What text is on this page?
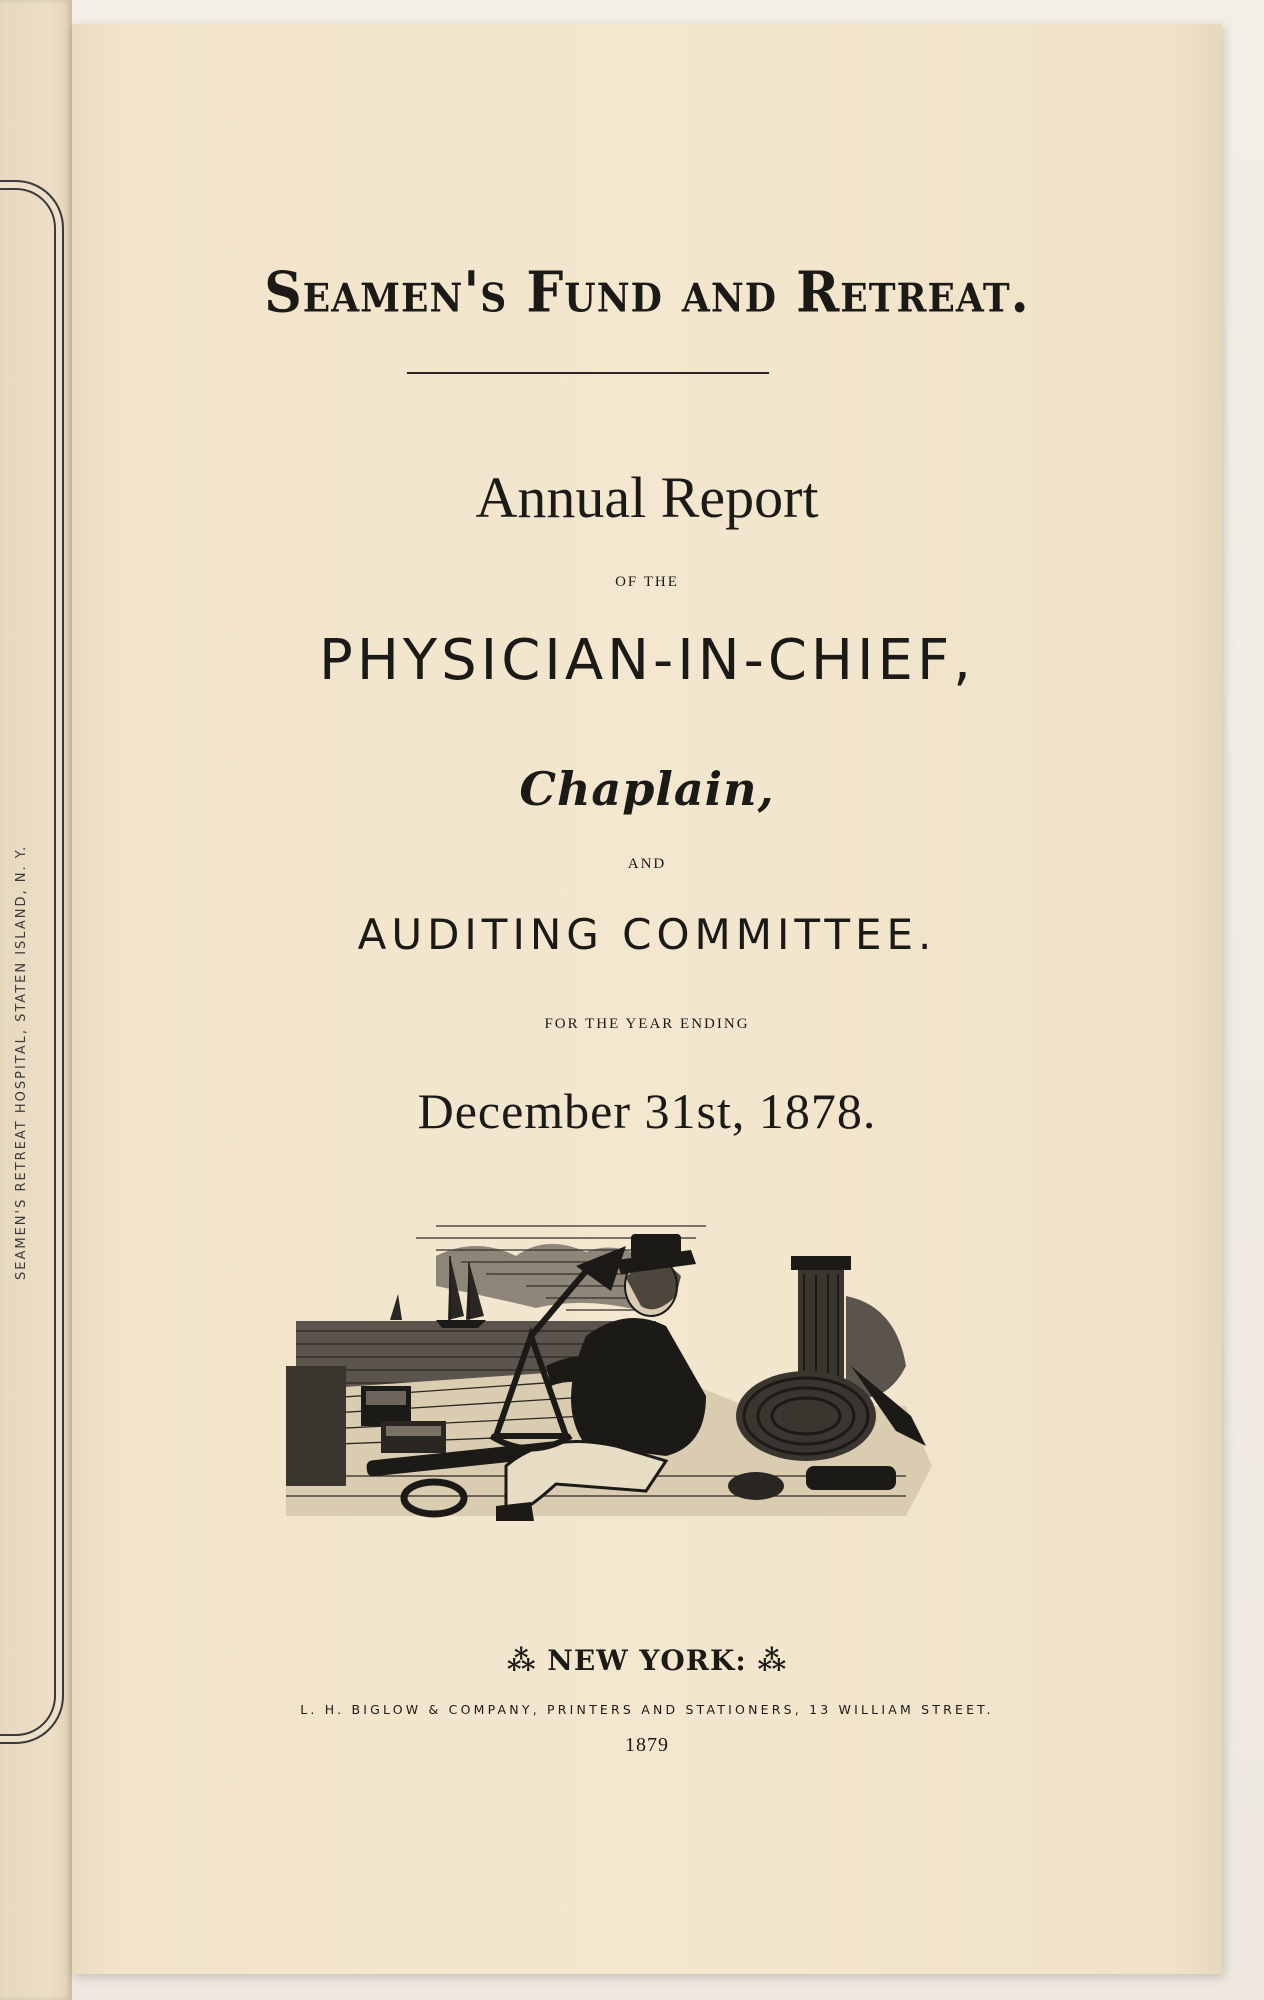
SEAMEN'S RETREAT HOSPITAL, STATEN ISLAND, N. Y.

Seamen's Fund and Retreat.

Annual Report

OF THE

PHYSICIAN-IN-CHIEF,

Chaplain,

AND

AUDITING COMMITTEE.

FOR THE YEAR ENDING

December 31st, 1878.

⁂ NEW YORK: ⁂

L. H. BIGLOW & COMPANY, PRINTERS AND STATIONERS, 13 WILLIAM STREET.

1879
